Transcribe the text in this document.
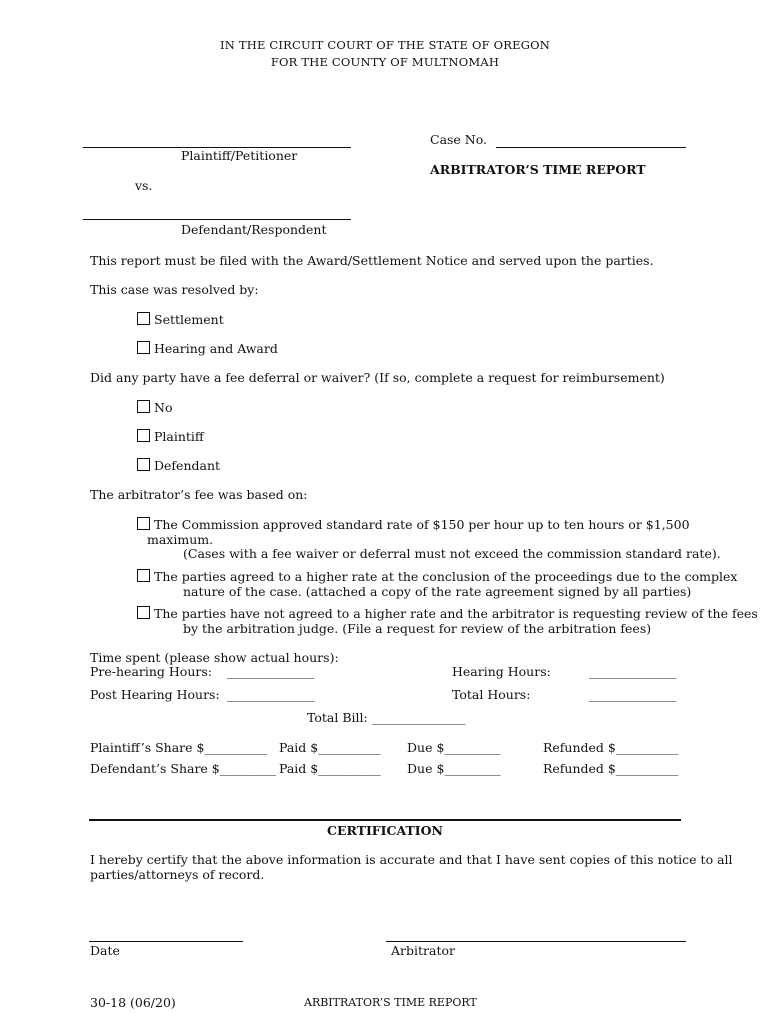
IN THE CIRCUIT COURT OF THE STATE OF OREGON
FOR THE COUNTY OF MULTNOMAH
Plaintiff/Petitioner
vs.
Defendant/Respondent
Case No.
ARBITRATOR’S TIME REPORT
This report must be filed with the Award/Settlement Notice and served upon the parties.
This case was resolved by:
Settlement
Hearing and Award
Did any party have a fee deferral or waiver? (If so, complete a request for reimbursement)
No
Plaintiff
Defendant
The arbitrator’s fee was based on:
The Commission approved standard rate of $150 per hour up to ten hours or $1,500
maximum.
(Cases with a fee waiver or deferral must not exceed the commission standard rate).
The parties agreed to a higher rate at the conclusion of the proceedings due to the complex
nature of the case. (attached a copy of the rate agreement signed by all parties)
The parties have not agreed to a higher rate and the arbitrator is requesting review of the fees
by the arbitration judge. (File a request for review of the arbitration fees)
Time spent (please show actual hours):
Pre-hearing Hours: ______________	Hearing Hours:	______________
Post Hearing Hours: ______________	Total Hours:	______________
Total Bill: _______________
Plaintiff’s Share $__________ Paid $__________ Due $_________	Refunded $__________
Defendant’s Share $_________ Paid $__________ Due $_________	Refunded $__________
CERTIFICATION
I hereby certify that the above information is accurate and that I have sent copies of this notice to all
parties/attorneys of record.
Date	Arbitrator
30-18 (06/20)	ARBITRATOR’S TIME REPORT
